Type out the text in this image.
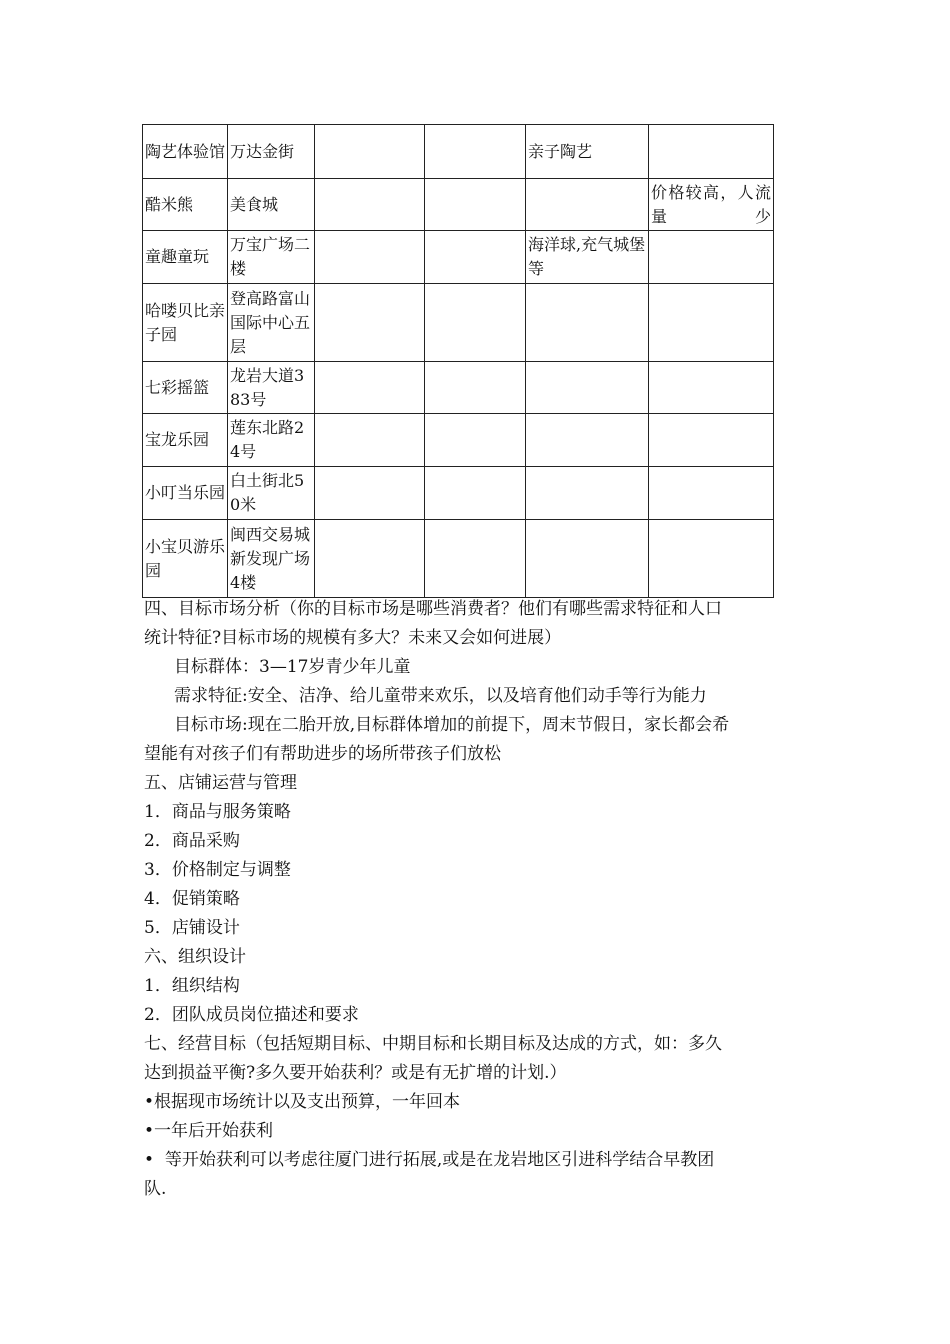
陶艺体验馆	万达金街			亲子陶艺	
酷米熊	美食城				价格较高，人流量少
童趣童玩	万宝广场二楼			海洋球,充气城堡等	
哈喽贝比亲子园	登高路富山国际中心五层				
七彩摇篮	龙岩大道383号				
宝龙乐园	莲东北路24号				
小叮当乐园	白土街北50米				
小宝贝游乐园	闽西交易城新发现广场4楼				
四、目标市场分析（你的目标市场是哪些消费者？他们有哪些需求特征和人口
统计特征?目标市场的规模有多大？未来又会如何进展）
目标群体：3—17岁青少年儿童
需求特征:安全、洁净、给儿童带来欢乐，以及培育他们动手等行为能力
目标市场:现在二胎开放,目标群体增加的前提下，周末节假日，家长都会希
望能有对孩子们有帮助进步的场所带孩子们放松
五、店铺运营与管理
1．商品与服务策略
2．商品采购
3．价格制定与调整
4．促销策略
5．店铺设计
六、组织设计
1．组织结构
2．团队成员岗位描述和要求
七、经营目标（包括短期目标、中期目标和长期目标及达成的方式，如：多久
达到损益平衡?多久要开始获利？或是有无扩增的计划.）
•根据现市场统计以及支出预算，一年回本
•一年后开始获利
•  等开始获利可以考虑往厦门进行拓展,或是在龙岩地区引进科学结合早教团
队.
